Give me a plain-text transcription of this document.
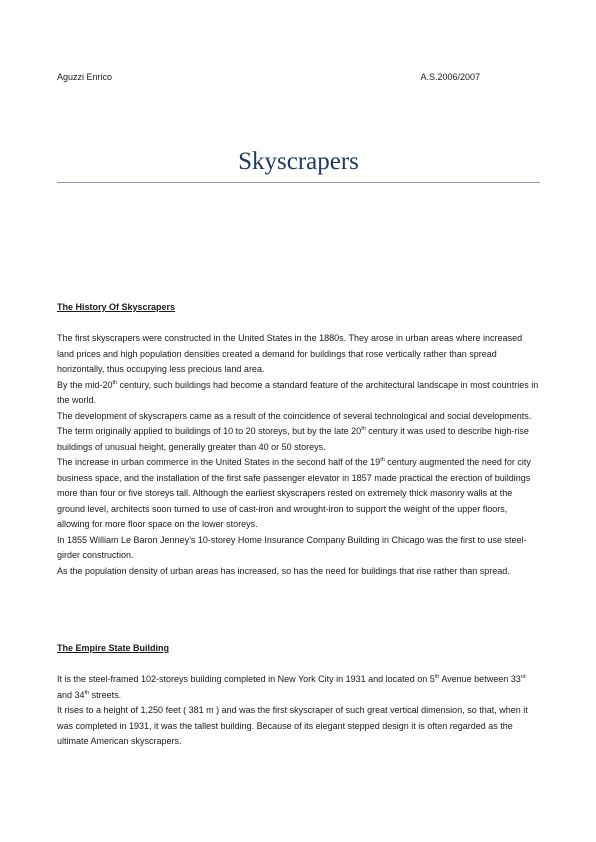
Aguzzi Enrico	A.S.2006/2007
Skyscrapers
The History Of Skyscrapers

The first skyscrapers were constructed in the United States in the 1880s. They arose in urban areas where increased land prices and high population densities created a demand for buildings that rose vertically rather than spread horizontally, thus occupying less precious land area.

By the mid-20th century, such buildings had become a standard feature of the architectural landscape in most countries in the world.

The development of skyscrapers came as a result of the coincidence of several technological and social developments. The term originally applied to buildings of 10 to 20 storeys, but by the late 20th century it was used to describe high-rise buildings of unusual height, generally greater than 40 or 50 storeys.

The increase in urban commerce in the United States in the second half of the 19th century augmented the need for city business space, and the installation of the first safe passenger elevator in 1857 made practical the erection of buildings more than four or five storeys tall. Although the earliest skyscrapers rested on extremely thick masonry walls at the ground level, architects soon turned to use of cast-iron and wrought-iron to support the weight of the upper floors, allowing for more floor space on the lower storeys.

In 1855 William Le Baron Jenney’s 10-storey Home Insurance Company Building in Chicago was the first to use steel-girder construction.

As the population density of urban areas has increased, so has the need for buildings that rise rather than spread.

The Empire State Building

It is the steel-framed 102-storeys building completed in New York City in 1931 and located on 5th Avenue between 33rd and 34th streets.

It rises to a height of 1,250 feet ( 381 m ) and was the first skyscraper of such great vertical dimension, so that, when it was completed in 1931, it was the tallest building. Because of its elegant stepped design it is often regarded as the ultimate American skyscrapers.
